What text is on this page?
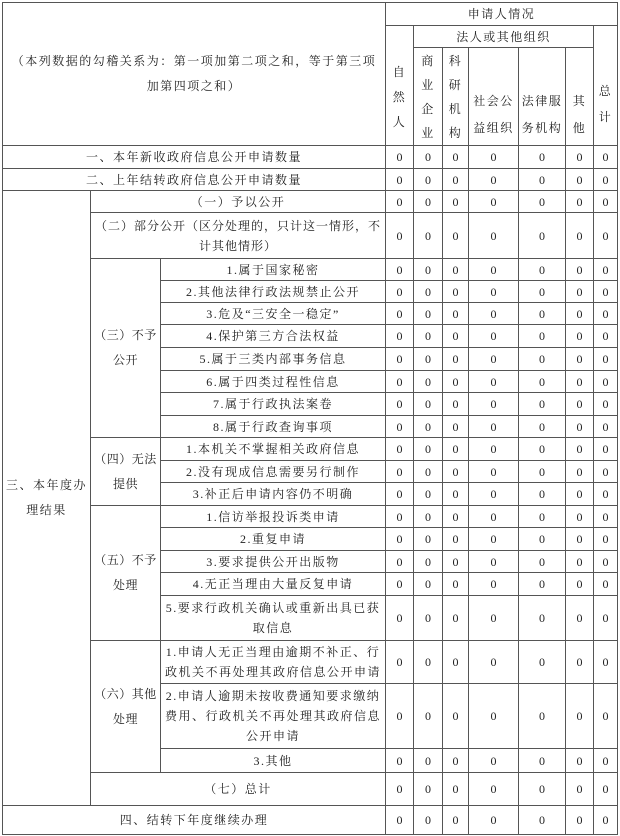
（本列数据的勾稽关系为：第一项加第二项之和，等于第三项加第四项之和）			申请人情况						

			自然人	法人或其他组织					总计

				商业企业	科研机构	社会公益组织	法律服务机构	其他	

一、本年新收政府信息公开申请数量			0	0	0	0	0	0	0
二、上年结转政府信息公开申请数量			0	0	0	0	0	0	0
三、本年度办理结果	（一）予以公开		0	0	0	0	0	0	0
	（二）部分公开（区分处理的，只计这一情形，不计其他情形）		0	0	0	0	0	0	0
	（三）不予公开	1.属于国家秘密	0	0	0	0	0	0	0
		2.其他法律行政法规禁止公开	0	0	0	0	0	0	0
		3.危及“三安全一稳定”	0	0	0	0	0	0	0
		4.保护第三方合法权益	0	0	0	0	0	0	0
		5.属于三类内部事务信息	0	0	0	0	0	0	0
		6.属于四类过程性信息	0	0	0	0	0	0	0
		7.属于行政执法案卷	0	0	0	0	0	0	0
		8.属于行政查询事项	0	0	0	0	0	0	0
	（四）无法提供	1.本机关不掌握相关政府信息	0	0	0	0	0	0	0
		2.没有现成信息需要另行制作	0	0	0	0	0	0	0
		3.补正后申请内容仍不明确	0	0	0	0	0	0	0
	（五）不予处理	1.信访举报投诉类申请	0	0	0	0	0	0	0
		2.重复申请	0	0	0	0	0	0	0
		3.要求提供公开出版物	0	0	0	0	0	0	0
		4.无正当理由大量反复申请	0	0	0	0	0	0	0
		5.要求行政机关确认或重新出具已获取信息	0	0	0	0	0	0	0
	（六）其他处理	1.申请人无正当理由逾期不补正、行政机关不再处理其政府信息公开申请	0	0	0	0	0	0	0
		2.申请人逾期未按收费通知要求缴纳费用、行政机关不再处理其政府信息公开申请	0	0	0	0	0	0	0
		3.其他	0	0	0	0	0	0	0
	（七）总计		0	0	0	0	0	0	0
四、结转下年度继续办理			0	0	0	0	0	0	0
